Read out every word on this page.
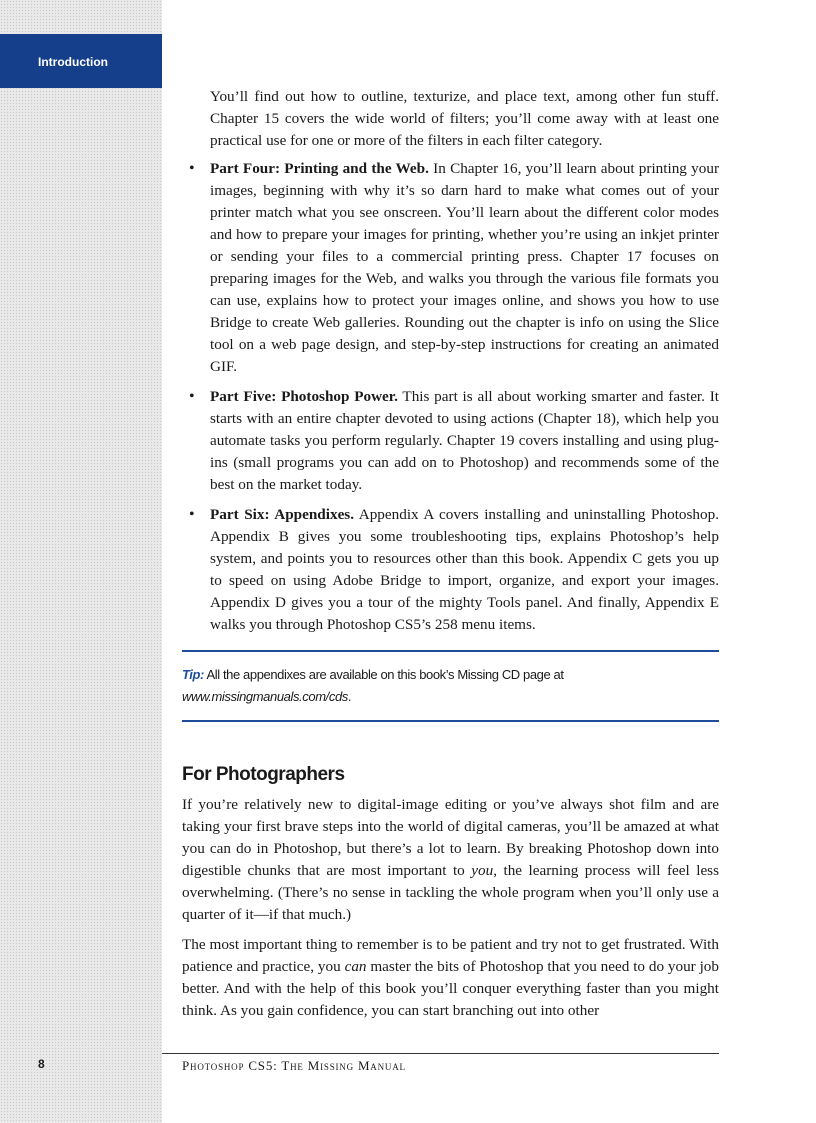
Introduction
8

You’ll find out how to outline, texturize, and place text, among other fun stuff. Chapter 15 covers the wide world of filters; you’ll come away with at least one practical use for one or more of the filters in each filter category.

• Part Four: Printing and the Web. In Chapter 16, you’ll learn about printing your images, beginning with why it’s so darn hard to make what comes out of your printer match what you see onscreen. You’ll learn about the different color modes and how to prepare your images for printing, whether you’re using an inkjet printer or sending your files to a commercial printing press. Chapter 17 focuses on preparing images for the Web, and walks you through the various file formats you can use, explains how to protect your images online, and shows you how to use Bridge to create Web galleries. Rounding out the chapter is info on using the Slice tool on a web page design, and step-by-step instructions for creating an animated GIF.
• Part Five: Photoshop Power. This part is all about working smarter and faster. It starts with an entire chapter devoted to using actions (Chapter 18), which help you automate tasks you perform regularly. Chapter 19 covers installing and using plug-ins (small programs you can add on to Photoshop) and recommends some of the best on the market today.
• Part Six: Appendixes. Appendix A covers installing and uninstalling Photoshop. Appendix B gives you some troubleshooting tips, explains Photoshop’s help system, and points you to resources other than this book. Appendix C gets you up to speed on using Adobe Bridge to import, organize, and export your images. Appendix D gives you a tour of the mighty Tools panel. And finally, Appendix E walks you through Photoshop CS5’s 258 menu items.
Tip: All the appendixes are available on this book’s Missing CD page at www.missingmanuals.com/cds.
For Photographers

If you’re relatively new to digital-image editing or you’ve always shot film and are taking your first brave steps into the world of digital cameras, you’ll be amazed at what you can do in Photoshop, but there’s a lot to learn. By breaking Photoshop down into digestible chunks that are most important to you, the learning process will feel less overwhelming. (There’s no sense in tackling the whole program when you’ll only use a quarter of it—if that much.)

The most important thing to remember is to be patient and try not to get frustrated. With patience and practice, you can master the bits of Photoshop that you need to do your job better. And with the help of this book you’ll conquer everything faster than you might think. As you gain confidence, you can start branching out into other

Photoshop CS5: The Missing Manual
